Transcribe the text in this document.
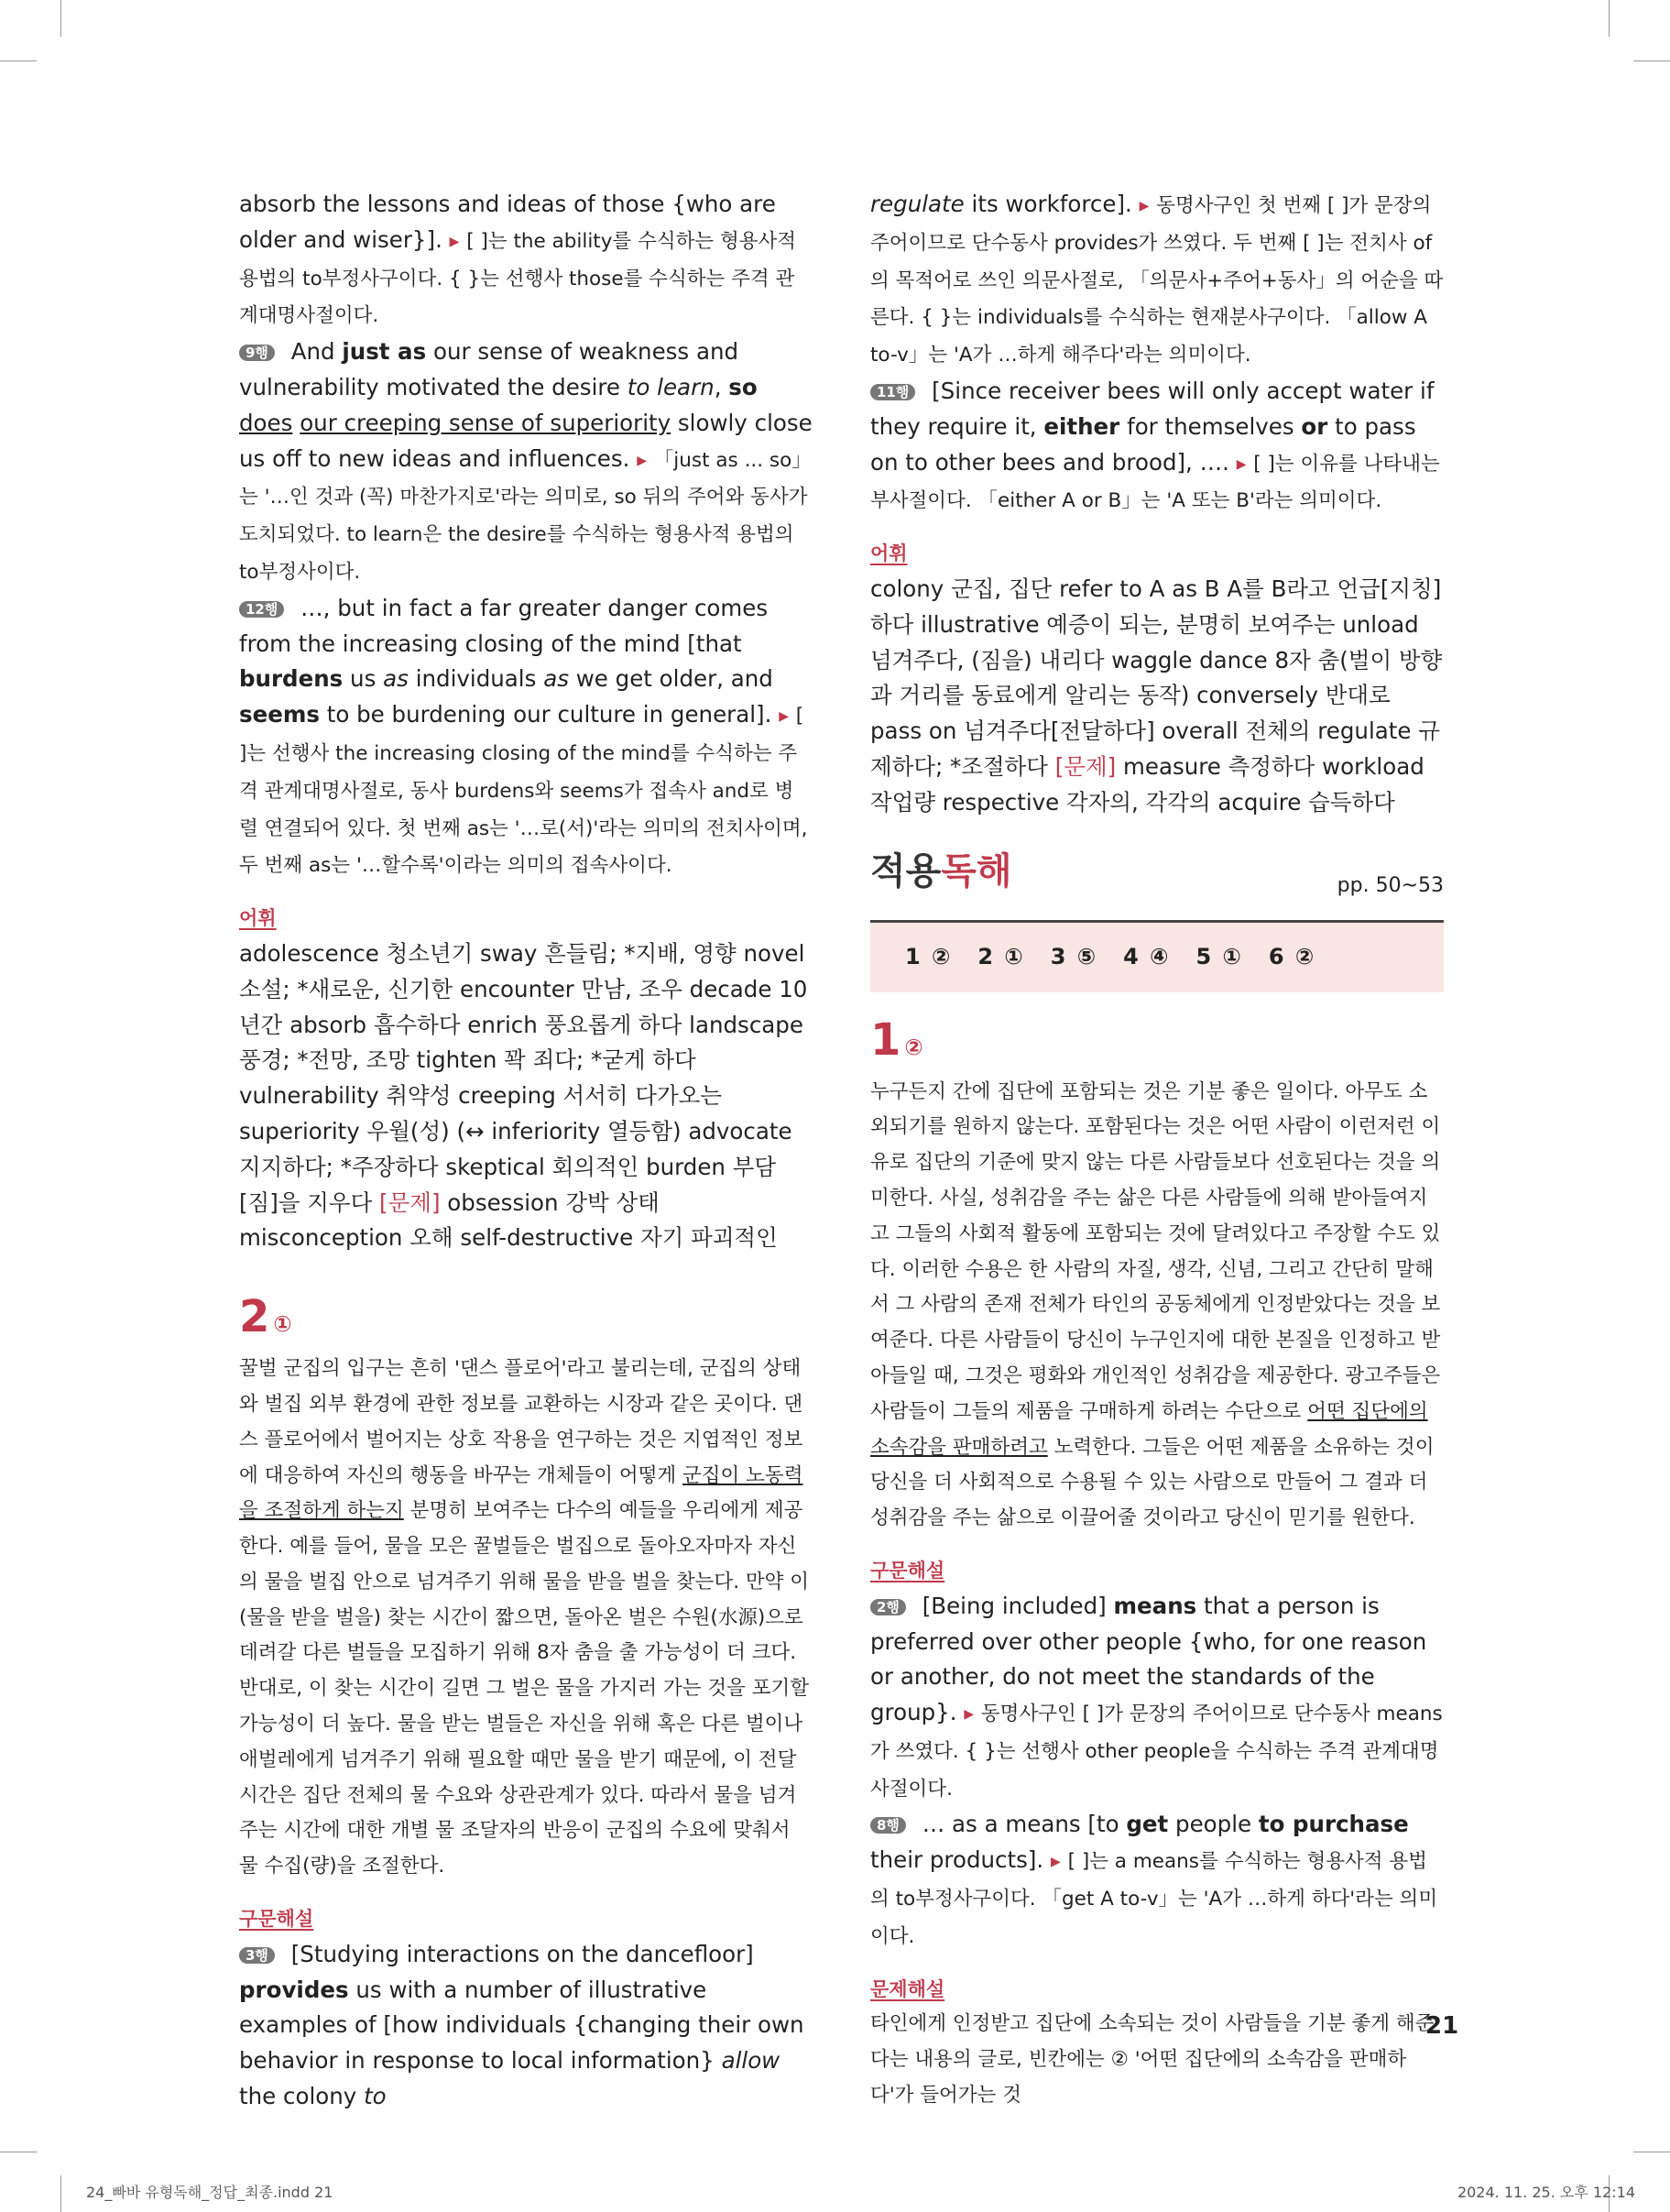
absorb the lessons and ideas of those {who are older and wiser}]. ▶ [ ]는 the ability를 수식하는 형용사적 용법의 to부정사구이다. { }는 선행사 those를 수식하는 주격 관계대명사절이다.

9행 And just as our sense of weakness and vulnerability motivated the desire to learn, so does our creeping sense of superiority slowly close us off to new ideas and influences. ▶ 「just as ... so」는 '…인 것과 (꼭) 마찬가지로'라는 의미로, so 뒤의 주어와 동사가 도치되었다. to learn은 the desire를 수식하는 형용사적 용법의 to부정사이다.

12행 …, but in fact a far greater danger comes from the increasing closing of the mind [that burdens us as individuals as we get older, and seems to be burdening our culture in general]. ▶ [ ]는 선행사 the increasing closing of the mind를 수식하는 주격 관계대명사절로, 동사 burdens와 seems가 접속사 and로 병렬 연결되어 있다. 첫 번째 as는 '…로(서)'라는 의미의 전치사이며, 두 번째 as는 '…할수록'이라는 의미의 접속사이다.

어휘

adolescence 청소년기 sway 흔들림; *지배, 영향 novel 소설; *새로운, 신기한 encounter 만남, 조우 decade 10년간 absorb 흡수하다 enrich 풍요롭게 하다 landscape 풍경; *전망, 조망 tighten 꽉 죄다; *굳게 하다 vulnerability 취약성 creeping 서서히 다가오는 superiority 우월(성) (↔ inferiority 열등함) advocate 지지하다; *주장하다 skeptical 회의적인 burden 부담[짐]을 지우다 [문제] obsession 강박 상태 misconception 오해 self-destructive 자기 파괴적인

2 ①

꿀벌 군집의 입구는 흔히 '댄스 플로어'라고 불리는데, 군집의 상태와 벌집 외부 환경에 관한 정보를 교환하는 시장과 같은 곳이다. 댄스 플로어에서 벌어지는 상호 작용을 연구하는 것은 지엽적인 정보에 대응하여 자신의 행동을 바꾸는 개체들이 어떻게 군집이 노동력을 조절하게 하는지 분명히 보여주는 다수의 예들을 우리에게 제공한다. 예를 들어, 물을 모은 꿀벌들은 벌집으로 돌아오자마자 자신의 물을 벌집 안으로 넘겨주기 위해 물을 받을 벌을 찾는다. 만약 이 (물을 받을 벌을) 찾는 시간이 짧으면, 돌아온 벌은 수원(水源)으로 데려갈 다른 벌들을 모집하기 위해 8자 춤을 출 가능성이 더 크다. 반대로, 이 찾는 시간이 길면 그 벌은 물을 가지러 가는 것을 포기할 가능성이 더 높다. 물을 받는 벌들은 자신을 위해 혹은 다른 벌이나 애벌레에게 넘겨주기 위해 필요할 때만 물을 받기 때문에, 이 전달 시간은 집단 전체의 물 수요와 상관관계가 있다. 따라서 물을 넘겨주는 시간에 대한 개별 물 조달자의 반응이 군집의 수요에 맞춰서 물 수집(량)을 조절한다.

구문해설

3행 [Studying interactions on the dancefloor] provides us with a number of illustrative examples of [how individuals {changing their own behavior in response to local information} allow the colony to

regulate its workforce]. ▶ 동명사구인 첫 번째 [ ]가 문장의 주어이므로 단수동사 provides가 쓰였다. 두 번째 [ ]는 전치사 of의 목적어로 쓰인 의문사절로, 「의문사+주어+동사」의 어순을 따른다. { }는 individuals를 수식하는 현재분사구이다. 「allow A to-v」는 'A가 …하게 해주다'라는 의미이다.

11행 [Since receiver bees will only accept water if they require it, either for themselves or to pass on to other bees and brood], …. ▶ [ ]는 이유를 나타내는 부사절이다. 「either A or B」는 'A 또는 B'라는 의미이다.

어휘

colony 군집, 집단 refer to A as B A를 B라고 언급[지칭]하다 illustrative 예증이 되는, 분명히 보여주는 unload 넘겨주다, (짐을) 내리다 waggle dance 8자 춤(벌이 방향과 거리를 동료에게 알리는 동작) conversely 반대로 pass on 넘겨주다[전달하다] overall 전체의 regulate 규제하다; *조절하다 [문제] measure 측정하다 workload 작업량 respective 각자의, 각각의 acquire 습득하다

적용독해	pp. 50~53
1 ② 2 ① 3 ⑤ 4 ④ 5 ① 6 ②

1 ②

누구든지 간에 집단에 포함되는 것은 기분 좋은 일이다. 아무도 소외되기를 원하지 않는다. 포함된다는 것은 어떤 사람이 이런저런 이유로 집단의 기준에 맞지 않는 다른 사람들보다 선호된다는 것을 의미한다. 사실, 성취감을 주는 삶은 다른 사람들에 의해 받아들여지고 그들의 사회적 활동에 포함되는 것에 달려있다고 주장할 수도 있다. 이러한 수용은 한 사람의 자질, 생각, 신념, 그리고 간단히 말해서 그 사람의 존재 전체가 타인의 공동체에게 인정받았다는 것을 보여준다. 다른 사람들이 당신이 누구인지에 대한 본질을 인정하고 받아들일 때, 그것은 평화와 개인적인 성취감을 제공한다. 광고주들은 사람들이 그들의 제품을 구매하게 하려는 수단으로 어떤 집단에의 소속감을 판매하려고 노력한다. 그들은 어떤 제품을 소유하는 것이 당신을 더 사회적으로 수용될 수 있는 사람으로 만들어 그 결과 더 성취감을 주는 삶으로 이끌어줄 것이라고 당신이 믿기를 원한다.

구문해설

2행 [Being included] means that a person is preferred over other people {who, for one reason or another, do not meet the standards of the group}. ▶ 동명사구인 [ ]가 문장의 주어이므로 단수동사 means가 쓰였다. { }는 선행사 other people을 수식하는 주격 관계대명사절이다.

8행 … as a means [to get people to purchase their products]. ▶ [ ]는 a means를 수식하는 형용사적 용법의 to부정사구이다. 「get A to-v」는 'A가 …하게 하다'라는 의미이다.

문제해설

타인에게 인정받고 집단에 소속되는 것이 사람들을 기분 좋게 해준다는 내용의 글로, 빈칸에는 ② '어떤 집단에의 소속감을 판매하다'가 들어가는 것

21
24_빠바 유형독해_정답_최종.indd 21	2024. 11. 25. 오후 12:14
